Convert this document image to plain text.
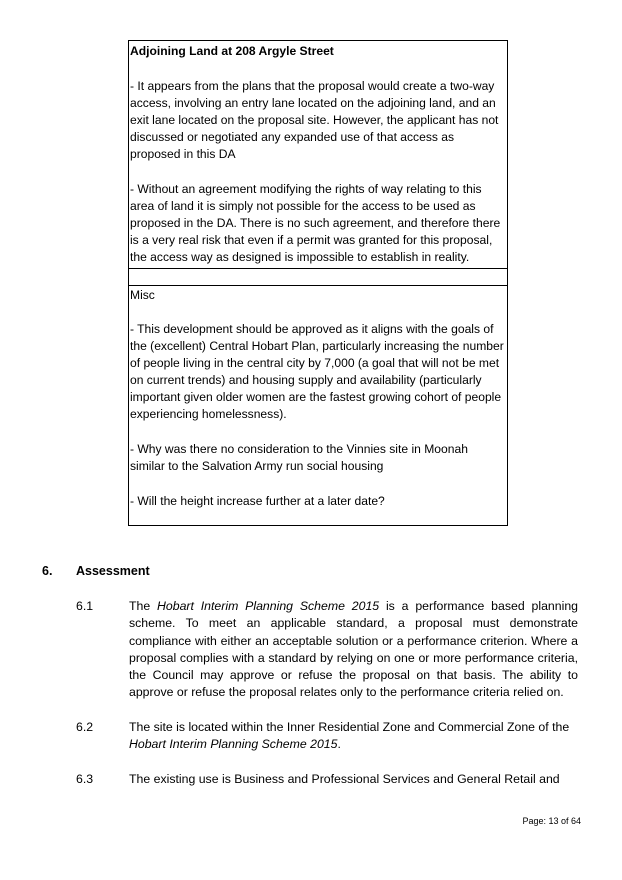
Adjoining Land at 208 Argyle Street

- It appears from the plans that the proposal would create a two-way

access, involving an entry lane located on the adjoining land, and an

exit lane located on the proposal site. However, the applicant has not

discussed or negotiated any expanded use of that access as

proposed in this DA

- Without an agreement modifying the rights of way relating to this

area of land it is simply not possible for the access to be used as

proposed in the DA. There is no such agreement, and therefore there

is a very real risk that even if a permit was granted for this proposal,

the access way as designed is impossible to establish in reality.

Misc

- This development should be approved as it aligns with the goals of

the (excellent) Central Hobart Plan, particularly increasing the number

of people living in the central city by 7,000 (a goal that will not be met

on current trends) and housing supply and availability (particularly

important given older women are the fastest growing cohort of people

experiencing homelessness).

- Why was there no consideration to the Vinnies site in Moonah

similar to the Salvation Army run social housing

- Will the height increase further at a later date?

6. Assessment
6.1	The Hobart Interim Planning Scheme 2015 is a performance based planning
scheme. To meet an applicable standard, a proposal must demonstrate
compliance with either an acceptable solution or a performance criterion. Where a
proposal complies with a standard by relying on one or more performance criteria,
the Council may approve or refuse the proposal on that basis. The ability to
approve or refuse the proposal relates only to the performance criteria relied on.
6.2	The site is located within the Inner Residential Zone and Commercial Zone of the
Hobart Interim Planning Scheme 2015.
6.3	The existing use is Business and Professional Services and General Retail and
Page: 13 of 64
